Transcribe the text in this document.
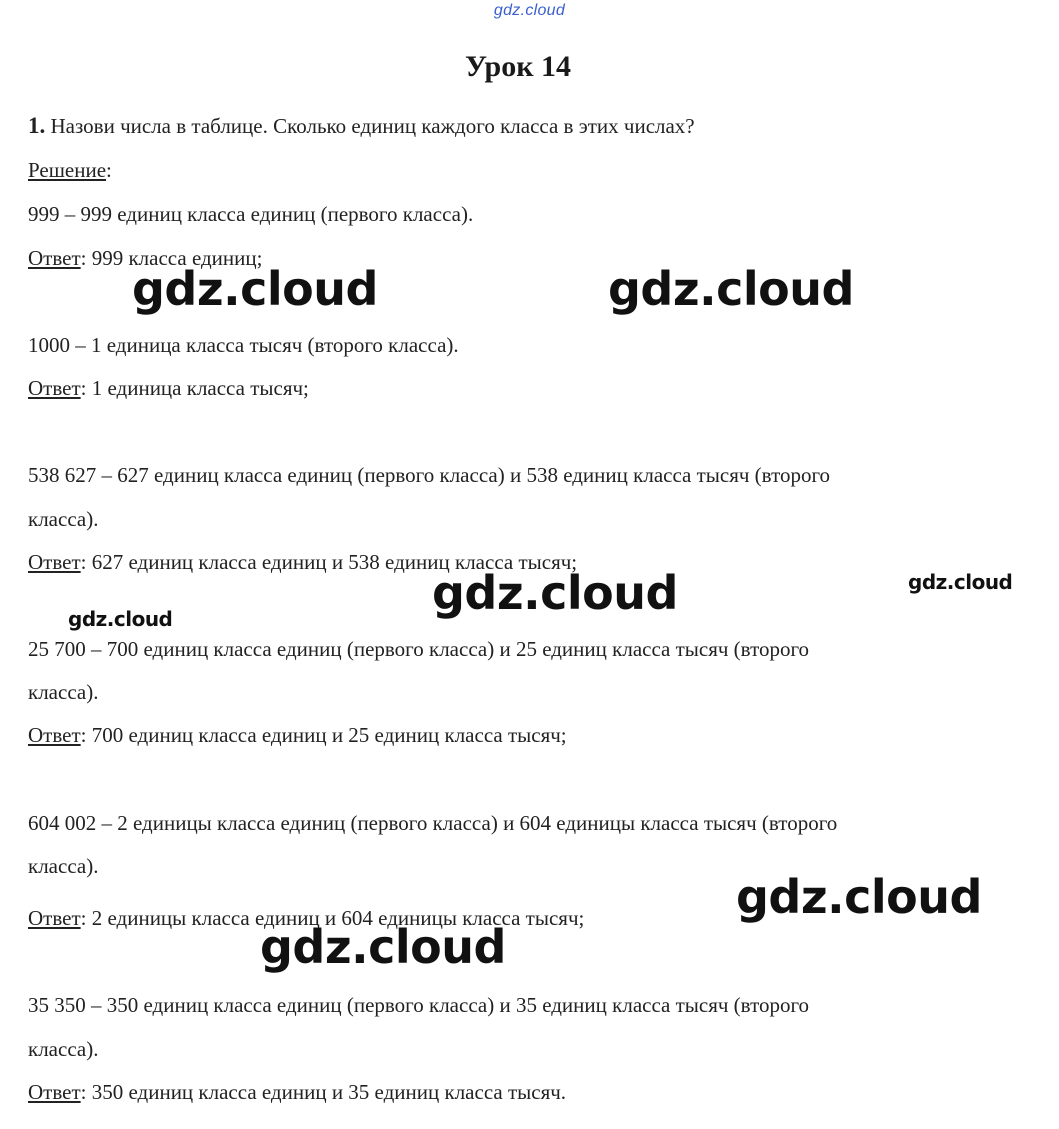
gdz.cloud
Урок 14
1. Назови числа в таблице. Сколько единиц каждого класса в этих числах?
Решение:
999 – 999 единиц класса единиц (первого класса).
Ответ: 999 класса единиц;
1000 – 1 единица класса тысяч (второго класса).
Ответ: 1 единица класса тысяч;
538 627 – 627 единиц класса единиц (первого класса) и 538 единиц класса тысяч (второго
класса).
Ответ: 627 единиц класса единиц и 538 единиц класса тысяч;
25 700 – 700 единиц класса единиц (первого класса) и 25 единиц класса тысяч (второго
класса).
Ответ: 700 единиц класса единиц и 25 единиц класса тысяч;
604 002 – 2 единицы класса единиц (первого класса) и 604 единицы класса тысяч (второго
класса).
Ответ: 2 единицы класса единиц и 604 единицы класса тысяч;
35 350 – 350 единиц класса единиц (первого класса) и 35 единиц класса тысяч (второго
класса).
Ответ: 350 единиц класса единиц и 35 единиц класса тысяч.
gdz.cloud	gdz.cloud
gdz.cloud
gdz.cloud
gdz.cloud
gdz.cloud
gdz.cloud
